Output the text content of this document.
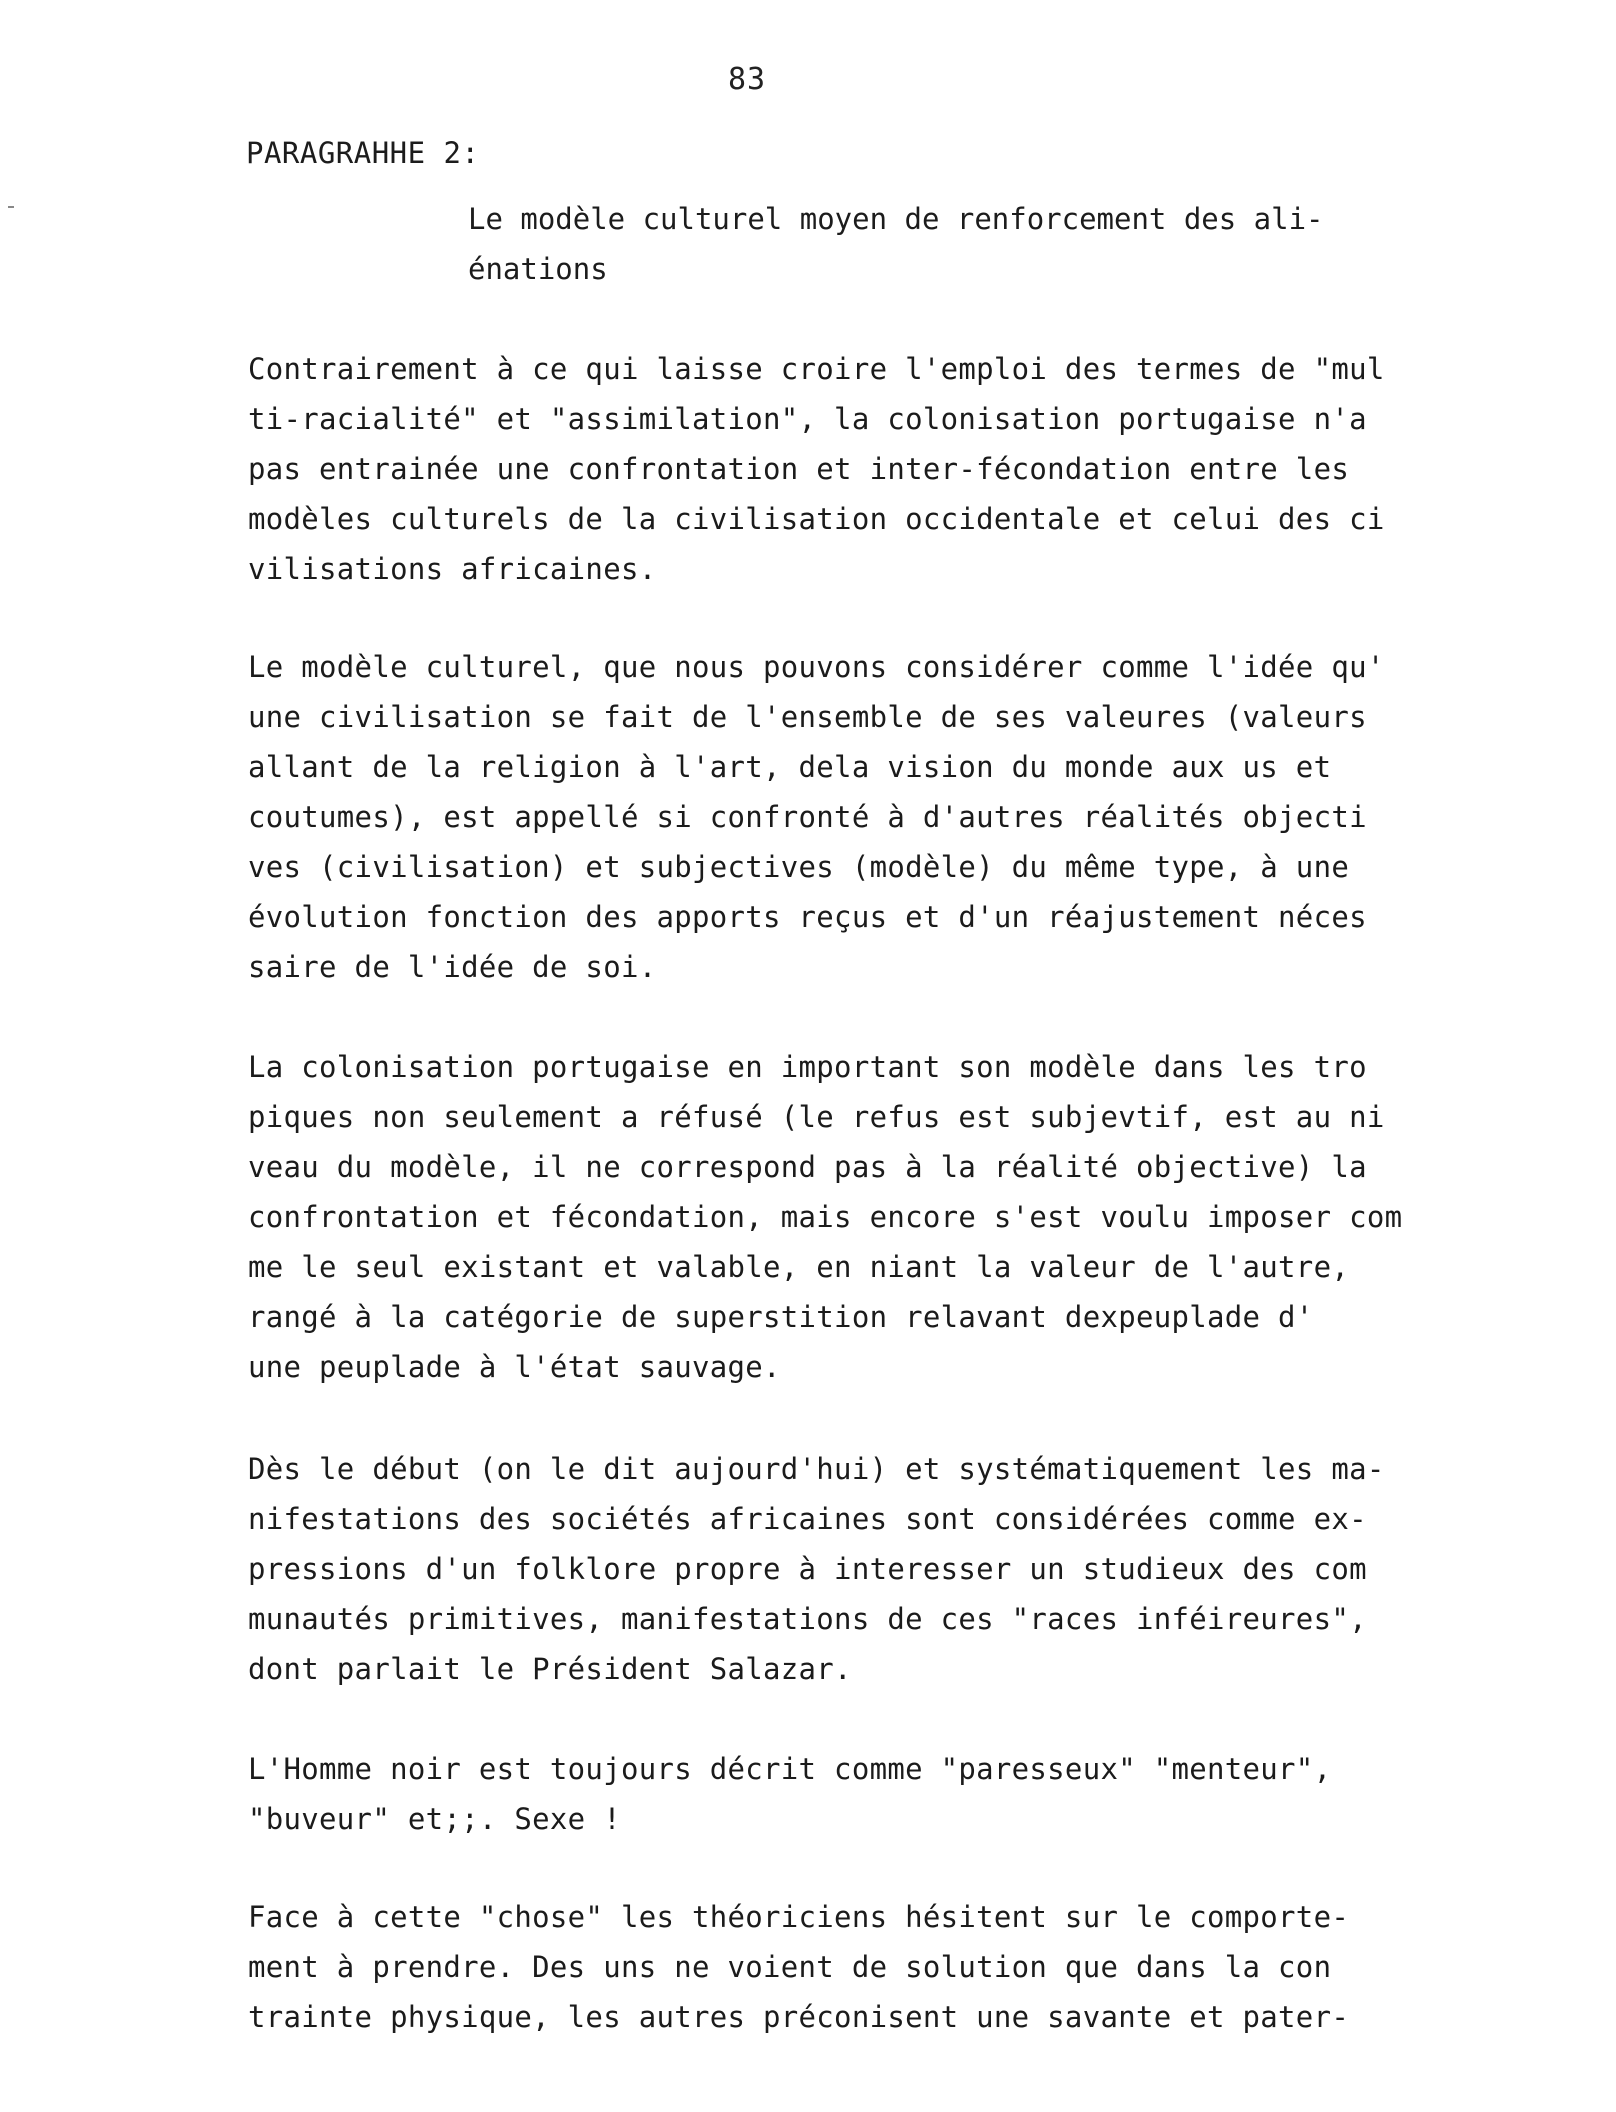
83
PARAGRAHHE 2:
Le modèle culturel moyen de renforcement des ali-
énations
Contrairement à ce qui laisse croire l'emploi des termes de "mul
ti-racialité" et "assimilation", la colonisation portugaise n'a
pas entrainée une confrontation et inter-fécondation entre les
modèles culturels de la civilisation occidentale et celui des ci
vilisations africaines.
Le modèle culturel, que nous pouvons considérer comme l'idée qu'
une civilisation se fait de l'ensemble de ses valeures (valeurs
allant de la religion à l'art, dela vision du monde aux us et
coutumes), est appellé si confronté à d'autres réalités objecti
ves (civilisation) et subjectives (modèle) du même type, à une
évolution fonction des apports reçus et d'un réajustement néces
saire de l'idée de soi.
La colonisation portugaise en important son modèle dans les tro
piques non seulement a réfusé (le refus est subjevtif, est au ni
veau du modèle, il ne correspond pas à la réalité objective) la
confrontation et fécondation, mais encore s'est voulu imposer com
me le seul existant et valable, en niant la valeur de l'autre,
rangé à la catégorie de superstition relavant dexpeuplade d'
une peuplade à l'état sauvage.
Dès le début (on le dit aujourd'hui) et systématiquement les ma-
nifestations des sociétés africaines sont considérées comme ex-
pressions d'un folklore propre à interesser un studieux des com
munautés primitives, manifestations de ces "races inféireures",
dont parlait le Président Salazar.
L'Homme noir est toujours décrit comme "paresseux" "menteur",
"buveur" et;;. Sexe !
Face à cette "chose" les théoriciens hésitent sur le comporte-
ment à prendre. Des uns ne voient de solution que dans la con
trainte physique, les autres préconisent une savante et pater-
